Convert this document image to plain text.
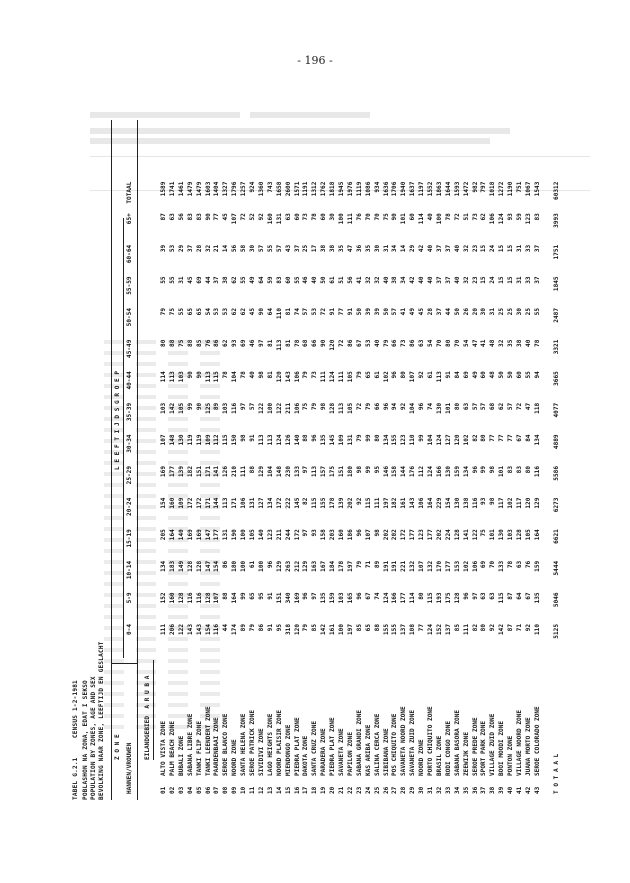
- 196 -
TABEL G.2.1     CENSUS 1-2-1981 POBLASHON NA ZONA, EDAT I SEKSO POPULATION BY ZONES, AGE AND SEX BEVOLKING NAAR ZONE, LEEFTIJD EN GESLACHT Z O N E
L E E F T I J D S G R O E P
HANNEN/VROUWEN
EILANDGEBIED  A R U B A
0-4
5-9
10-14
15-19
20-24
25-29
30-34
35-39
40-44
45-49
50-54
55-59
60-64
65+
TOTAAL
01
ALTO VISTA ZONE
111
152
134
205
154
169
107
103
114
80
79
55
39
87
1589
02
PALM BEACH ZONE
206
160
183
164
160
177
148
142
113
88
75
55
53
63
1741
03
BUBALI ZONE
122
128
149
140
109
139
130
105
103
75
55
31
29
56
1461
04
SABANA LIBRE ZONE
143
116
128
169
172
182
119
99
90
88
65
45
37
83
1479
05
TANKI FLIP ZONE
143
116
128
169
172
151
119
90
90
85
65
69
28
83
1479
06
TANKI LEENDERT ZONE
154
128
147
147
171
171
109
125
113
76
54
44
32
90
1603
07
PAARDENBAAI ZONE
116
107
154
177
144
141
112
89
115
86
53
37
21
77
1404
08
SEROE BLANCO ZONE
44
88
86
131
113
126
115
103
78
62
53
38
14
45
1327
09
NOORD ZONE
174
164
180
190
171
210
150
116
104
93
62
62
56
107
1796
10
SANTA HELENA ZONE
89
99
100
100
106
111
98
97
78
69
62
55
58
72
1257
11
SEROE PATRICK ZONE
79
65
61
105
131
88
91
57
40
46
45
49
30
52
924
12
SIVIDIVI ZONE
86
95
100
140
127
129
113
122
98
97
90
64
57
92
1360
13
LAGO HEIGHTS ZONE
91
91
96
123
134
104
113
100
81
81
64
59
55
160
743
14
NOORD PLAISIR ZONE
95
151
129
211
172
148
124
122
120
113
110
83
57
131
1658
15
MIENDONGO ZONE
318
340
263
244
222
230
126
211
143
81
81
60
43
63
2600
16
PIEDRA PLAT ZONE
120
169
212
172
145
133
140
106
106
78
74
55
37
60
1571
17
DAKOTA ZONE
79
96
129
97
82
97
88
75
79
68
57
46
25
73
1191
18
SANTA CRUZ ZONE
85
97
163
93
115
113
96
79
73
66
53
40
17
78
1312
19
PARADERA ZONE
142
135
167
158
155
157
135
98
111
90
72
50
38
60
1762
20
PIEDRA PLAT ZONE
161
159
184
203
178
175
145
128
124
120
91
61
38
30
1818
21
SAVANETA ZONE
100
103
178
160
139
151
109
113
111
72
77
51
35
100
1945
22
PAPILON ZONE
197
165
197
186
202
180
131
105
105
86
91
56
47
111
1976
23
SABANA GRANDI ZONE
85
96
79
96
92
98
79
72
79
67
50
41
36
76
1119
24
KAS ARIBA ZONE
65
67
71
107
115
99
99
79
65
53
39
32
35
70
1086
25
SALINA CERCA ZONE
88
74
89
98
111
95
80
66
61
40
39
32
30
70
934
26
SIBIBANA ZONE
155
124
191
202
197
146
134
96
102
79
50
40
31
75
1636
27
POS CHIQUITO ZONE
155
166
191
202
182
158
155
94
96
66
57
38
34
90
1706
28
SAVANETA NOORD ZONE
137
177
221
172
161
144
123
92
80
73
41
34
14
101
1940
29
SAVANETA ZUID ZONE
108
114
132
177
143
176
110
104
107
86
49
42
29
60
1637
30
NOORD ZONE
77
80
107
123
106
112
99
96
92
63
45
40
42
114
1197
31
PORTO CHIQUITO ZONE
124
115
132
177
164
124
104
74
61
54
28
40
40
40
1552
32
BRASIL ZONE
152
193
170
202
229
166
124
130
113
70
37
37
37
100
1863
33
RODI CONGO ZONE
137
175
177
224
154
130
127
101
91
80
44
37
37
78
1644
34
SABANA BASORA ZONE
85
128
153
128
130
159
120
80
84
70
50
40
40
72
1593
35
ZEEWIJK ZONE
111
96
102
141
138
134
102
63
69
54
26
32
32
51
1472
36
SEROE PREDE ZONE
82
97
106
122
116
96
82
57
49
47
20
23
23
73
982
37
SPORT PARK ZONE
80
63
69
75
93
99
80
57
60
41
30
15
15
62
797
38
VILLAGE ZUID ZONE
92
63
70
101
98
98
77
68
48
48
31
24
24
106
1018
39
BOOI MOODI ZONE
142
115
133
130
117
101
77
62
50
32
25
15
15
124
1272
40
PONTON ZONE
87
87
78
103
102
83
77
57
50
35
25
15
15
93
1190
41
VILLAGE NOORD ZONE
71
64
63
128
117
83
67
72
60
38
30
31
31
59
751
42
JUANA MORTO ZONE
92
67
76
105
120
80
84
47
55
40
25
33
33
123
1067
43
SEROE COLORADO ZONE
110
135
159
164
129
116
134
118
94
78
55
37
37
83
1543
T O T A A L
5125
5046
5444
6621
6273
5586
4889
4077
3665
3321
2487
1845
1751
3993
60312
